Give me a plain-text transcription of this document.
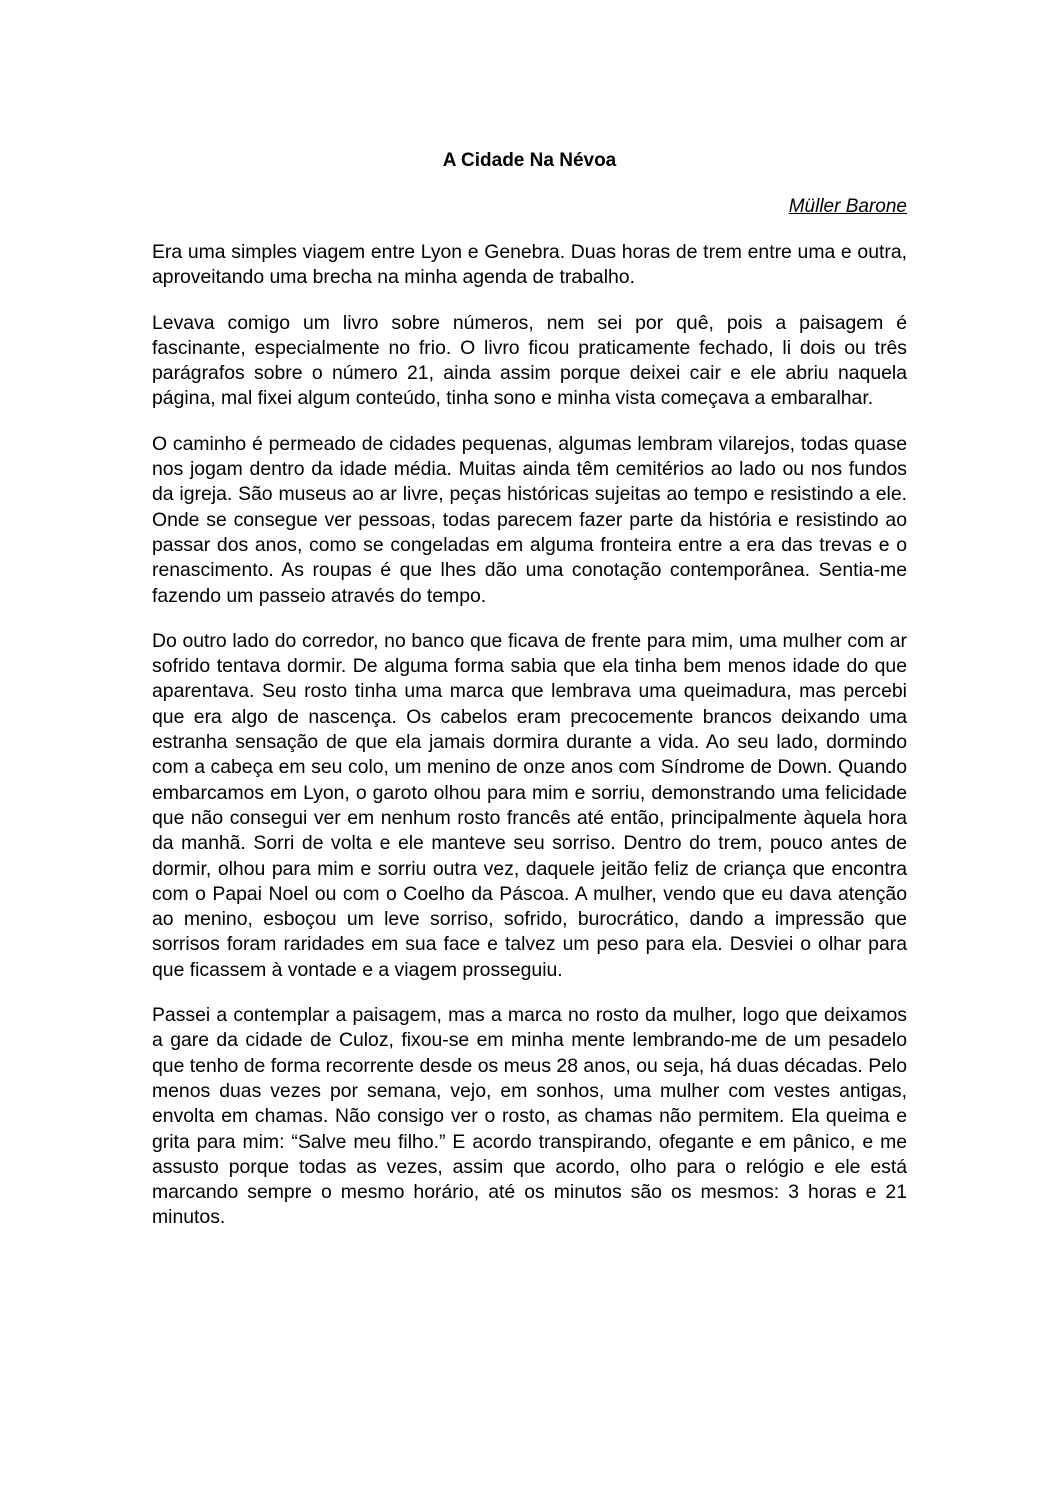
A Cidade Na Névoa

Müller Barone

Era uma simples viagem entre Lyon e Genebra. Duas horas de trem entre uma e outra, aproveitando uma brecha na minha agenda de trabalho.

Levava comigo um livro sobre números, nem sei por quê, pois a paisagem é fascinante, especialmente no frio. O livro ficou praticamente fechado, li dois ou três parágrafos sobre o número 21, ainda assim porque deixei cair e ele abriu naquela página, mal fixei algum conteúdo, tinha sono e minha vista começava a embaralhar.

O caminho é permeado de cidades pequenas, algumas lembram vilarejos, todas quase nos jogam dentro da idade média. Muitas ainda têm cemitérios ao lado ou nos fundos da igreja. São museus ao ar livre, peças históricas sujeitas ao tempo e resistindo a ele. Onde se consegue ver pessoas, todas parecem fazer parte da história e resistindo ao passar dos anos, como se congeladas em alguma fronteira entre a era das trevas e o renascimento. As roupas é que lhes dão uma conotação contemporânea. Sentia-me fazendo um passeio através do tempo.

Do outro lado do corredor, no banco que ficava de frente para mim, uma mulher com ar sofrido tentava dormir. De alguma forma sabia que ela tinha bem menos idade do que aparentava. Seu rosto tinha uma marca que lembrava uma queimadura, mas percebi que era algo de nascença. Os cabelos eram precocemente brancos deixando uma estranha sensação de que ela jamais dormira durante a vida. Ao seu lado, dormindo com a cabeça em seu colo, um menino de onze anos com Síndrome de Down. Quando embarcamos em Lyon, o garoto olhou para mim e sorriu, demonstrando uma felicidade que não consegui ver em nenhum rosto francês até então, principalmente àquela hora da manhã. Sorri de volta e ele manteve seu sorriso. Dentro do trem, pouco antes de dormir, olhou para mim e sorriu outra vez, daquele jeitão feliz de criança que encontra com o Papai Noel ou com o Coelho da Páscoa. A mulher, vendo que eu dava atenção ao menino, esboçou um leve sorriso, sofrido, burocrático, dando a impressão que sorrisos foram raridades em sua face e talvez um peso para ela. Desviei o olhar para que ficassem à vontade e a viagem prosseguiu.

Passei a contemplar a paisagem, mas a marca no rosto da mulher, logo que deixamos a gare da cidade de Culoz, fixou-se em minha mente lembrando-me de um pesadelo que tenho de forma recorrente desde os meus 28 anos, ou seja, há duas décadas. Pelo menos duas vezes por semana, vejo, em sonhos, uma mulher com vestes antigas, envolta em chamas. Não consigo ver o rosto, as chamas não permitem. Ela queima e grita para mim: “Salve meu filho.” E acordo transpirando, ofegante e em pânico, e me assusto porque todas as vezes, assim que acordo, olho para o relógio e ele está marcando sempre o mesmo horário, até os minutos são os mesmos: 3 horas e 21 minutos.
